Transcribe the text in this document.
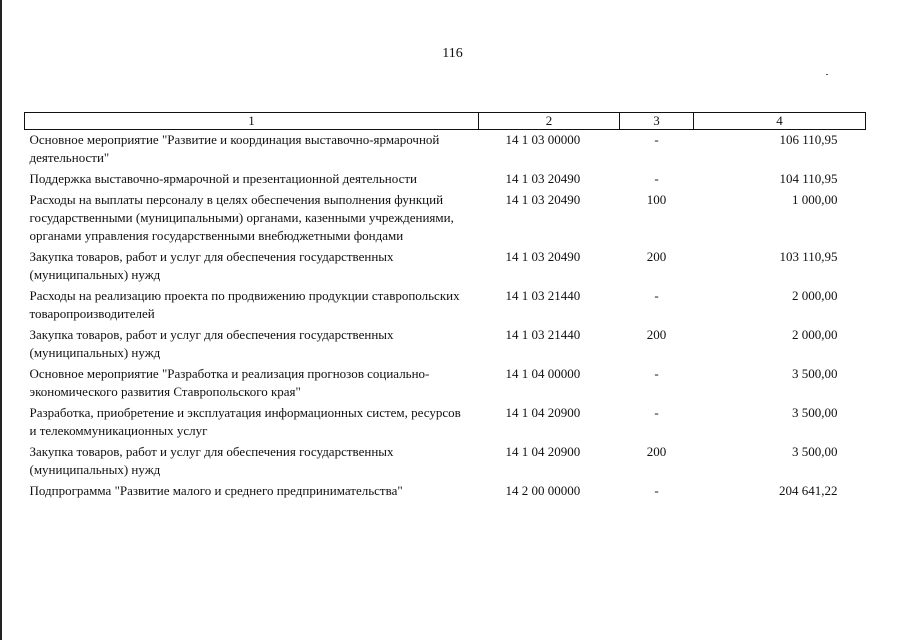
116
1	2	3	4
Основное мероприятие "Развитие и координация выставочно-ярмарочной деятельности"	14 1 03 00000	-	106 110,95
Поддержка выставочно-ярмарочной и презентационной деятельности	14 1 03 20490	-	104 110,95
Расходы на выплаты персоналу в целях обеспечения выполнения функций государственными (муниципальными) органами, казенными учреждениями, органами управления государственными внебюджетными фондами	14 1 03 20490	100	1 000,00
Закупка товаров, работ и услуг для обеспечения государственных (муниципальных) нужд	14 1 03 20490	200	103 110,95
Расходы на реализацию проекта по продвижению продукции ставропольских товаропроизводителей	14 1 03 21440	-	2 000,00
Закупка товаров, работ и услуг для обеспечения государственных (муниципальных) нужд	14 1 03 21440	200	2 000,00
Основное мероприятие "Разработка и реализация прогнозов социально-экономического развития Ставропольского края"	14 1 04 00000	-	3 500,00
Разработка, приобретение и эксплуатация информационных систем, ресурсов и телекоммуникационных услуг	14 1 04 20900	-	3 500,00
Закупка товаров, работ и услуг для обеспечения государственных (муниципальных) нужд	14 1 04 20900	200	3 500,00
Подпрограмма "Развитие малого и среднего предпринимательства"	14 2 00 00000	-	204 641,22
